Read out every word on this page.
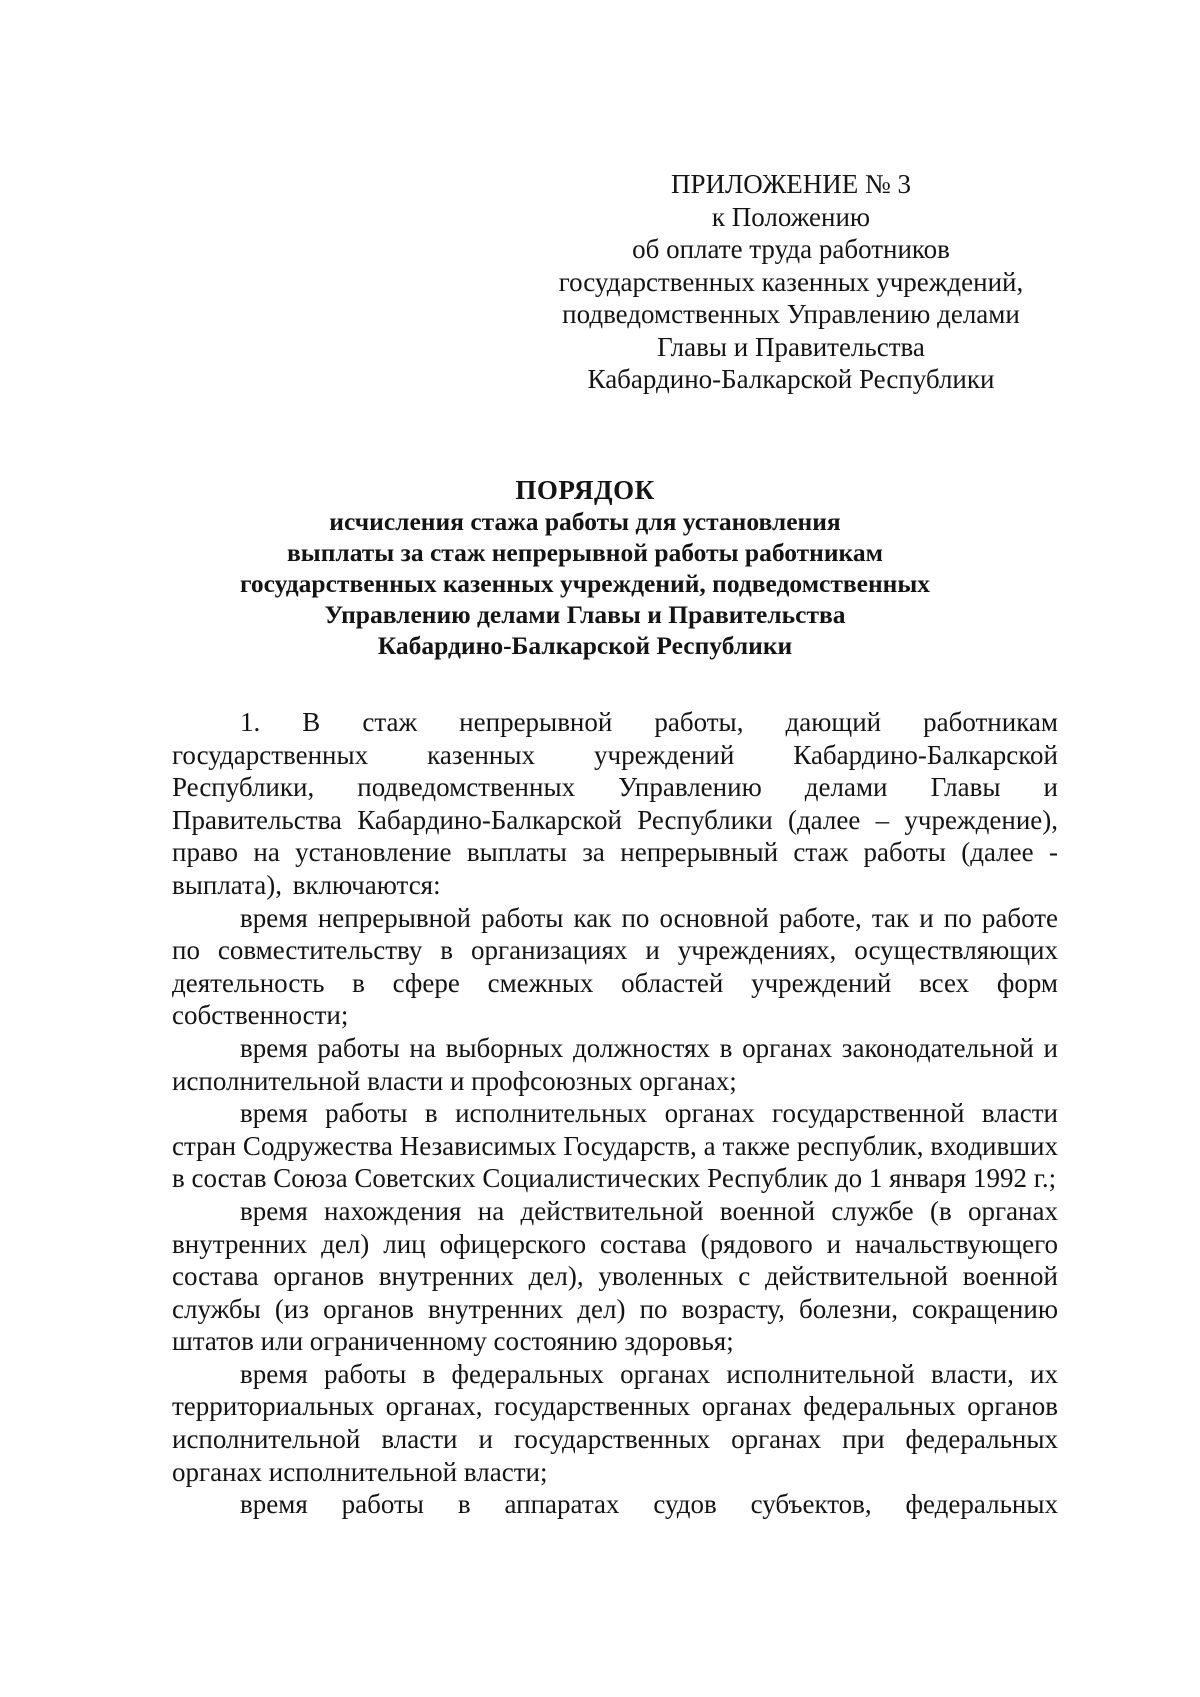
ПРИЛОЖЕНИЕ № 3
к Положению
об оплате труда работников
государственных казенных учреждений,
подведомственных Управлению делами
Главы и Правительства
Кабардино-Балкарской Республики
ПОРЯДОК
исчисления стажа работы для установления
выплаты за стаж непрерывной работы работникам
государственных казенных учреждений, подведомственных
Управлению делами Главы и Правительства
Кабардино-Балкарской Республики

1. В стаж непрерывной работы, дающий работникам государственных казенных учреждений Кабардино-Балкарской Республики, подведомственных Управлению делами Главы и Правительства Кабардино-Балкарской Республики (далее – учреждение), право на установление выплаты за непрерывный стаж работы (далее - выплата), включаются:

время непрерывной работы как по основной работе, так и по работе по совместительству в организациях и учреждениях, осуществляющих деятельность в сфере смежных областей учреждений всех форм собственности;

время работы на выборных должностях в органах законодательной и исполнительной власти и профсоюзных органах;

время работы в исполнительных органах государственной власти стран Содружества Независимых Государств, а также республик, входивших в состав Союза Советских Социалистических Республик до 1 января 1992 г.;

время нахождения на действительной военной службе (в органах внутренних дел) лиц офицерского состава (рядового и начальствующего состава органов внутренних дел), уволенных с действительной военной службы (из органов внутренних дел) по возрасту, болезни, сокращению штатов или ограниченному состоянию здоровья;

время работы в федеральных органах исполнительной власти, их территориальных органах, государственных органах федеральных органов исполнительной власти и государственных органах при федеральных органах исполнительной власти;

время работы в аппаратах судов субъектов, федеральных
